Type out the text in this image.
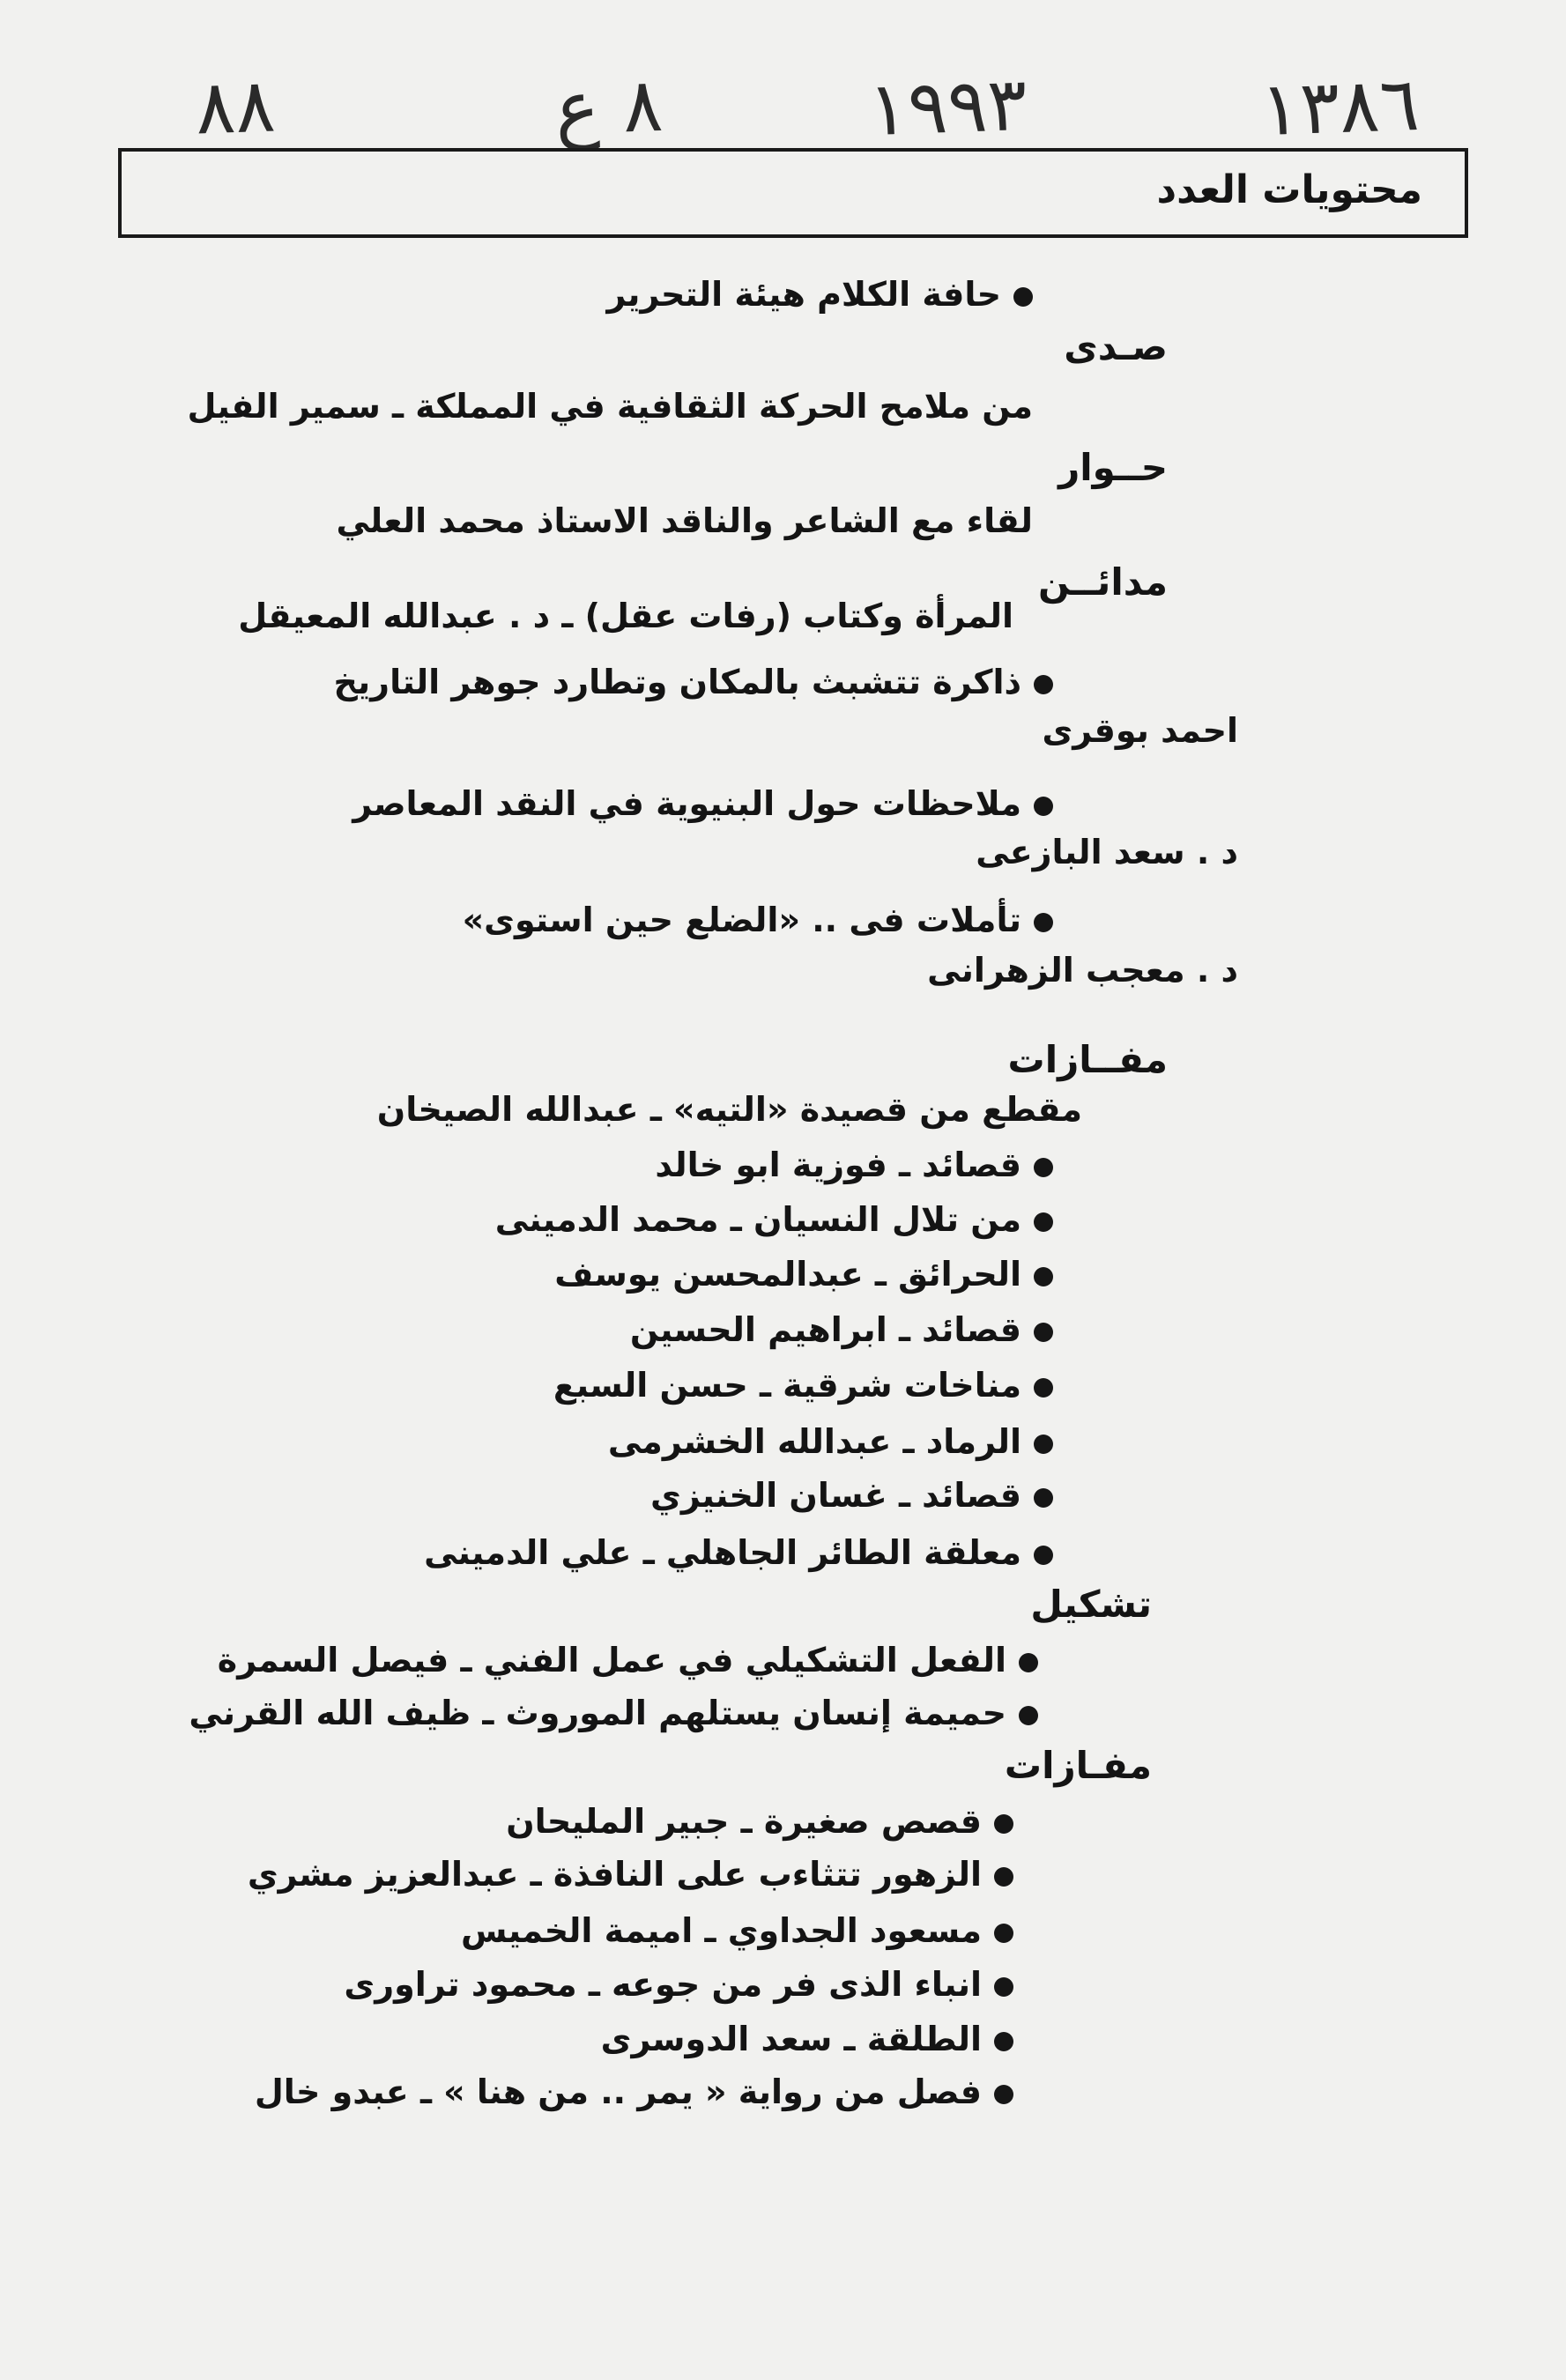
٨٨	٨ ع	١٩٩٣	١٣٨٦
محتويات العدد
حافة الكلام هيئة التحرير
صـدى
من ملامح الحركة الثقافية في المملكة ـ سمير الفيل
حــوار
لقاء مع الشاعر والناقد الاستاذ محمد العلي
مدائــن
المرأة وكتاب (رفات عقل) ـ د . عبدالله المعيقل
ذاكرة تتشبث بالمكان وتطارد جوهر التاريخ
احمد بوقرى
ملاحظات حول البنيوية في النقد المعاصر
د . سعد البازعى
تأملات فى .. «الضلع حين استوى»
د . معجب الزهرانى
مفــازات
مقطع من قصيدة «التيه» ـ عبدالله الصيخان
قصائد ـ فوزية ابو خالد
من تلال النسيان ـ محمد الدمينى
الحرائق ـ عبدالمحسن يوسف
قصائد ـ ابراهيم الحسين
مناخات شرقية ـ حسن السبع
الرماد ـ عبدالله الخشرمى
قصائد ـ غسان الخنيزي
معلقة الطائر الجاهلي ـ علي الدمينى
تشكيل
الفعل التشكيلي في عمل الفني ـ فيصل السمرة
حميمة إنسان يستلهم الموروث ـ ظيف الله القرني
مفـازات
قصص صغيرة ـ جبير المليحان
الزهور تتثاءب على النافذة ـ عبدالعزيز مشري
مسعود الجداوي ـ اميمة الخميس
انباء الذى فر من جوعه ـ محمود تراورى
الطلقة ـ سعد الدوسرى
فصل من رواية « يمر .. من هنا » ـ عبدو خال
